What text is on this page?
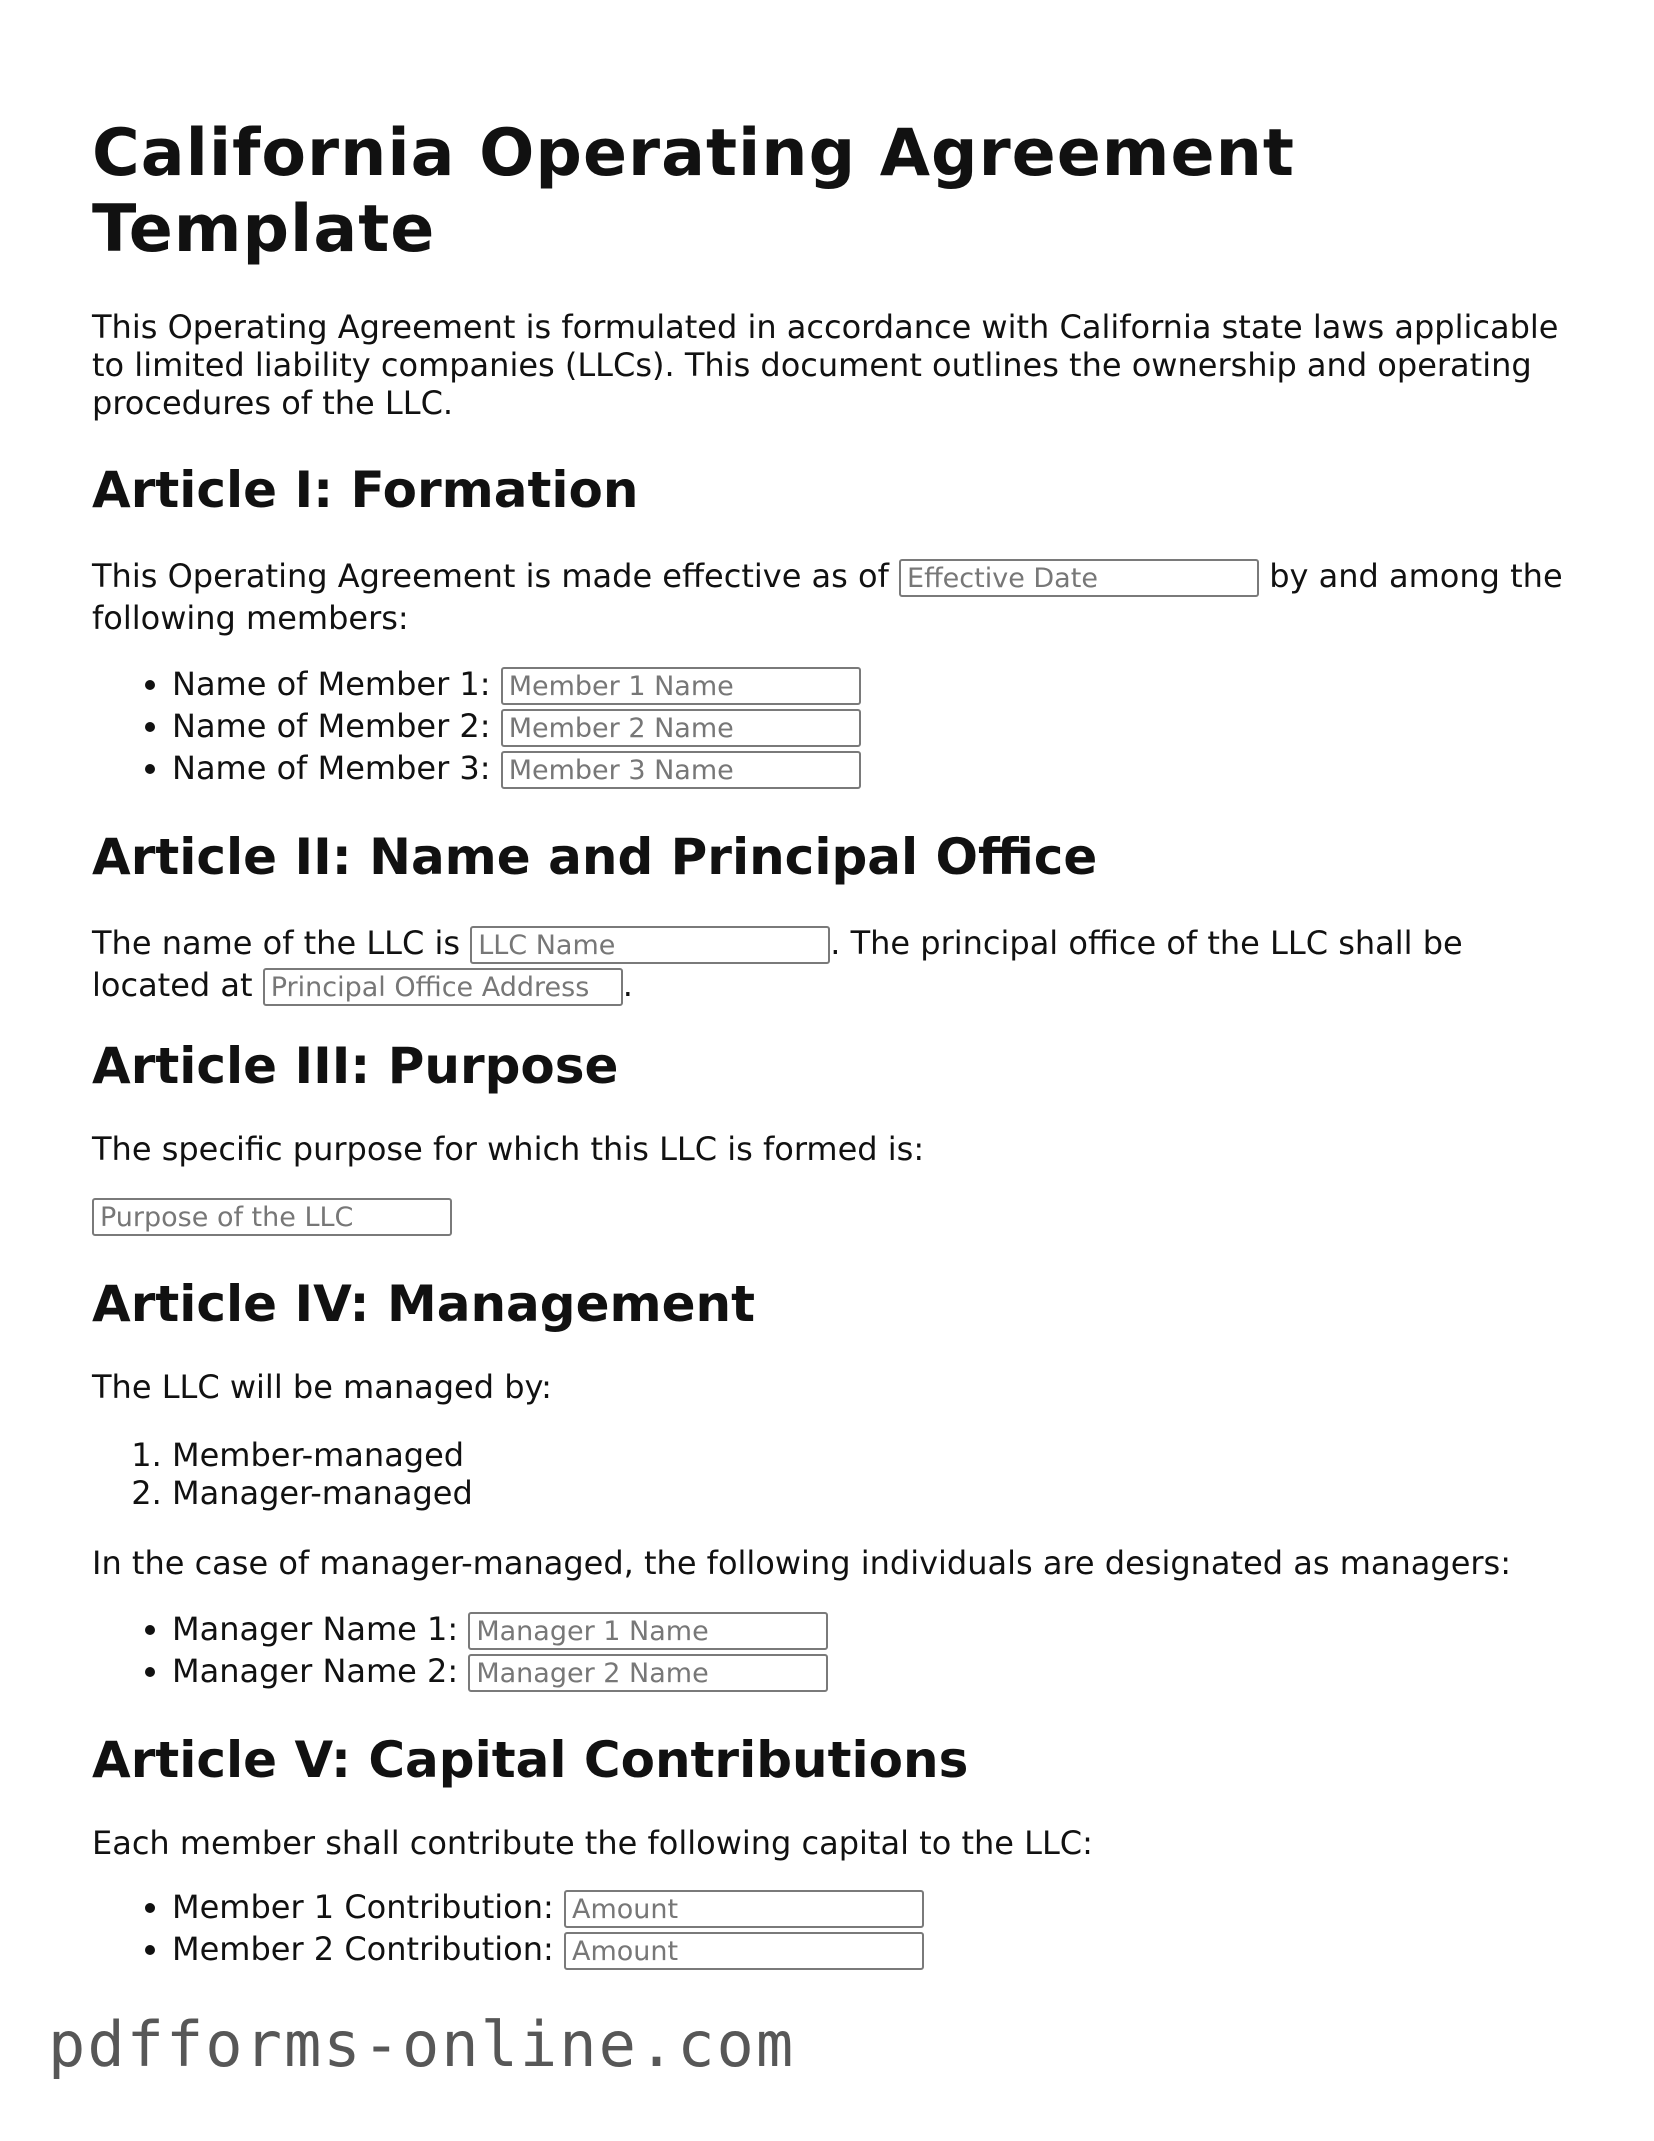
California Operating Agreement Template

This Operating Agreement is formulated in accordance with California state laws applicable to limited liability companies (LLCs). This document outlines the ownership and operating procedures of the LLC.

Article I: Formation

This Operating Agreement is made effective as of Effective Date	by and among the following members:

• Name of Member 1: Member 1 Name
• Name of Member 2: Member 2 Name
• Name of Member 3: Member 3 Name
Article II: Name and Principal Office

The name of the LLC is LLC Name	. The principal office of the LLC shall be located at Principal Office Address	.

Article III: Purpose

The specific purpose for which this LLC is formed is:

Purpose of the LLC
Article IV: Management

The LLC will be managed by:

1. Member-managed
2. Manager-managed

In the case of manager-managed, the following individuals are designated as managers:

• Manager Name 1: Manager 1 Name
• Manager Name 2: Manager 2 Name
Article V: Capital Contributions

Each member shall contribute the following capital to the LLC:

• Member 1 Contribution: Amount
• Member 2 Contribution: Amount
pdfforms-online.com
